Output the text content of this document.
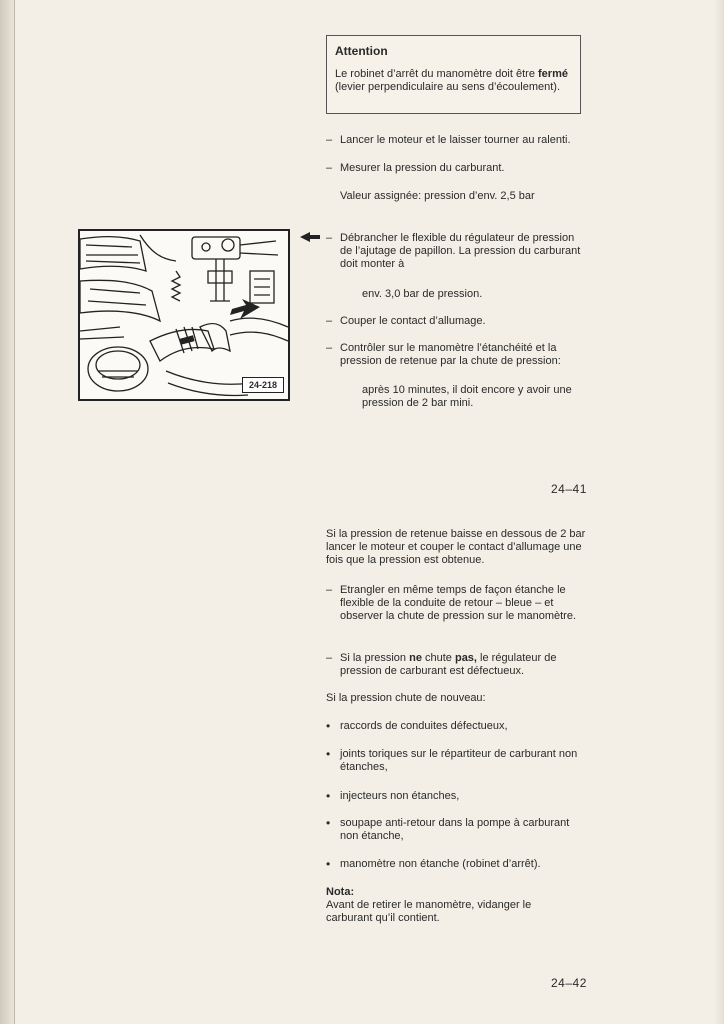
Attention
Le robinet d’arrêt du manomètre doit être fermé (levier perpendiculaire au sens d’écoulement).
– Lancer le moteur et le laisser tourner au ralenti.
– Mesurer la pression du carburant.
Valeur assignée: pression d’env. 2,5 bar
24-218
– Débrancher le flexible du régulateur de pression de l’ajutage de papillon. La pression du carburant doit monter à
env. 3,0 bar de pression.
– Couper le contact d’allumage.
– Contrôler sur le manomètre l’étanchéité et la pression de retenue par la chute de pression:
après 10 minutes, il doit encore y avoir une pression de 2 bar mini.
24–41
Si la pression de retenue baisse en dessous de 2 bar lancer le moteur et couper le contact d’allumage une fois que la pression est obtenue.
– Etrangler en même temps de façon étanche le flexible de la conduite de retour – bleue – et observer la chute de pression sur le manomètre.
– Si la pression ne chute pas, le régulateur de pression de carburant est défectueux.
Si la pression chute de nouveau:
• raccords de conduites défectueux,
• joints toriques sur le répartiteur de carburant non étanches,
• injecteurs non étanches,
• soupape anti-retour dans la pompe à carburant non étanche,
• manomètre non étanche (robinet d’arrêt).
Nota:
Avant de retirer le manomètre, vidanger le carburant qu’il contient.
24–42
